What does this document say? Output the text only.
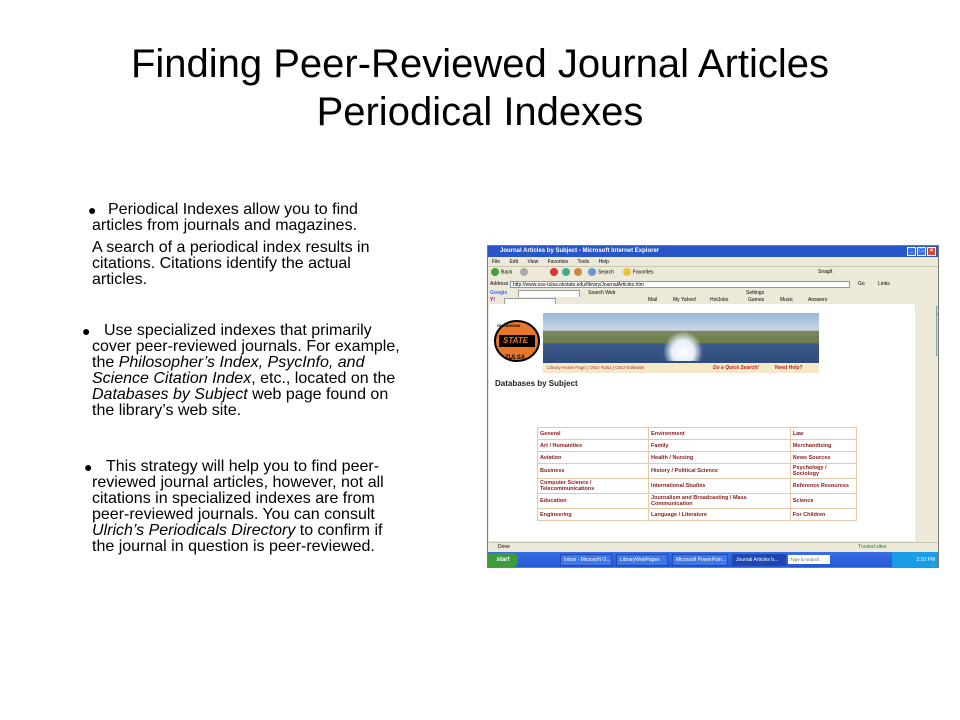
Finding Peer-Reviewed Journal Articles
Periodical Indexes
● Periodical Indexes allow you to find
articles from journals and magazines.
A search of a periodical index results in
citations. Citations identify the actual
articles.
● Use specialized indexes that primarily
cover peer-reviewed journals. For example,
the Philosopher’s Index, PsycInfo, and
Science Citation Index, etc., located on the
Databases by Subject web page found on
the library’s web site.
● This strategy will help you to find peer-
reviewed journal articles, however, not all
citations in specialized indexes are from
peer-reviewed journals. You can consult
Ulrich’s Periodicals Directory to confirm if
the journal in question is peer-reviewed.
Journal Articles by Subject - Microsoft Internet Explorer	_	□	×
File Edit View Favorites Tools Help
Back	Search	Favorites	SnagIt
Address http://www.osu-tulsa.okstate.edu/library/JournalArticles.htm	Go	Links
Google	Search Web	Settings
Y!	Mail	My Yahoo!	HotJobs	Games	Music	Answers
OKLAHOMA
STATE
TULSA
Library Home Page | OSU-Tulsa | OSU-Stillwater	Do a Quick Search!	Need Help?
Databases by Subject
General	Environment	Law
Art / Humanities	Family	Merchandising
Aviation	Health / Nursing	News Sources
Business	History / Political Science	Psychology / Sociology
Computer Science / Telecommunications	International Studies	Reference Resources
Education	Journalism and Broadcasting / Mass Communication	Science
Engineering	Language / Literature	For Children
Done	Trusted sites
start	Inbox - Microsoft O...	LibraryWebPages	Microsoft PowerPoin...	Journal Articles b...	Type to search	2:10 PM
